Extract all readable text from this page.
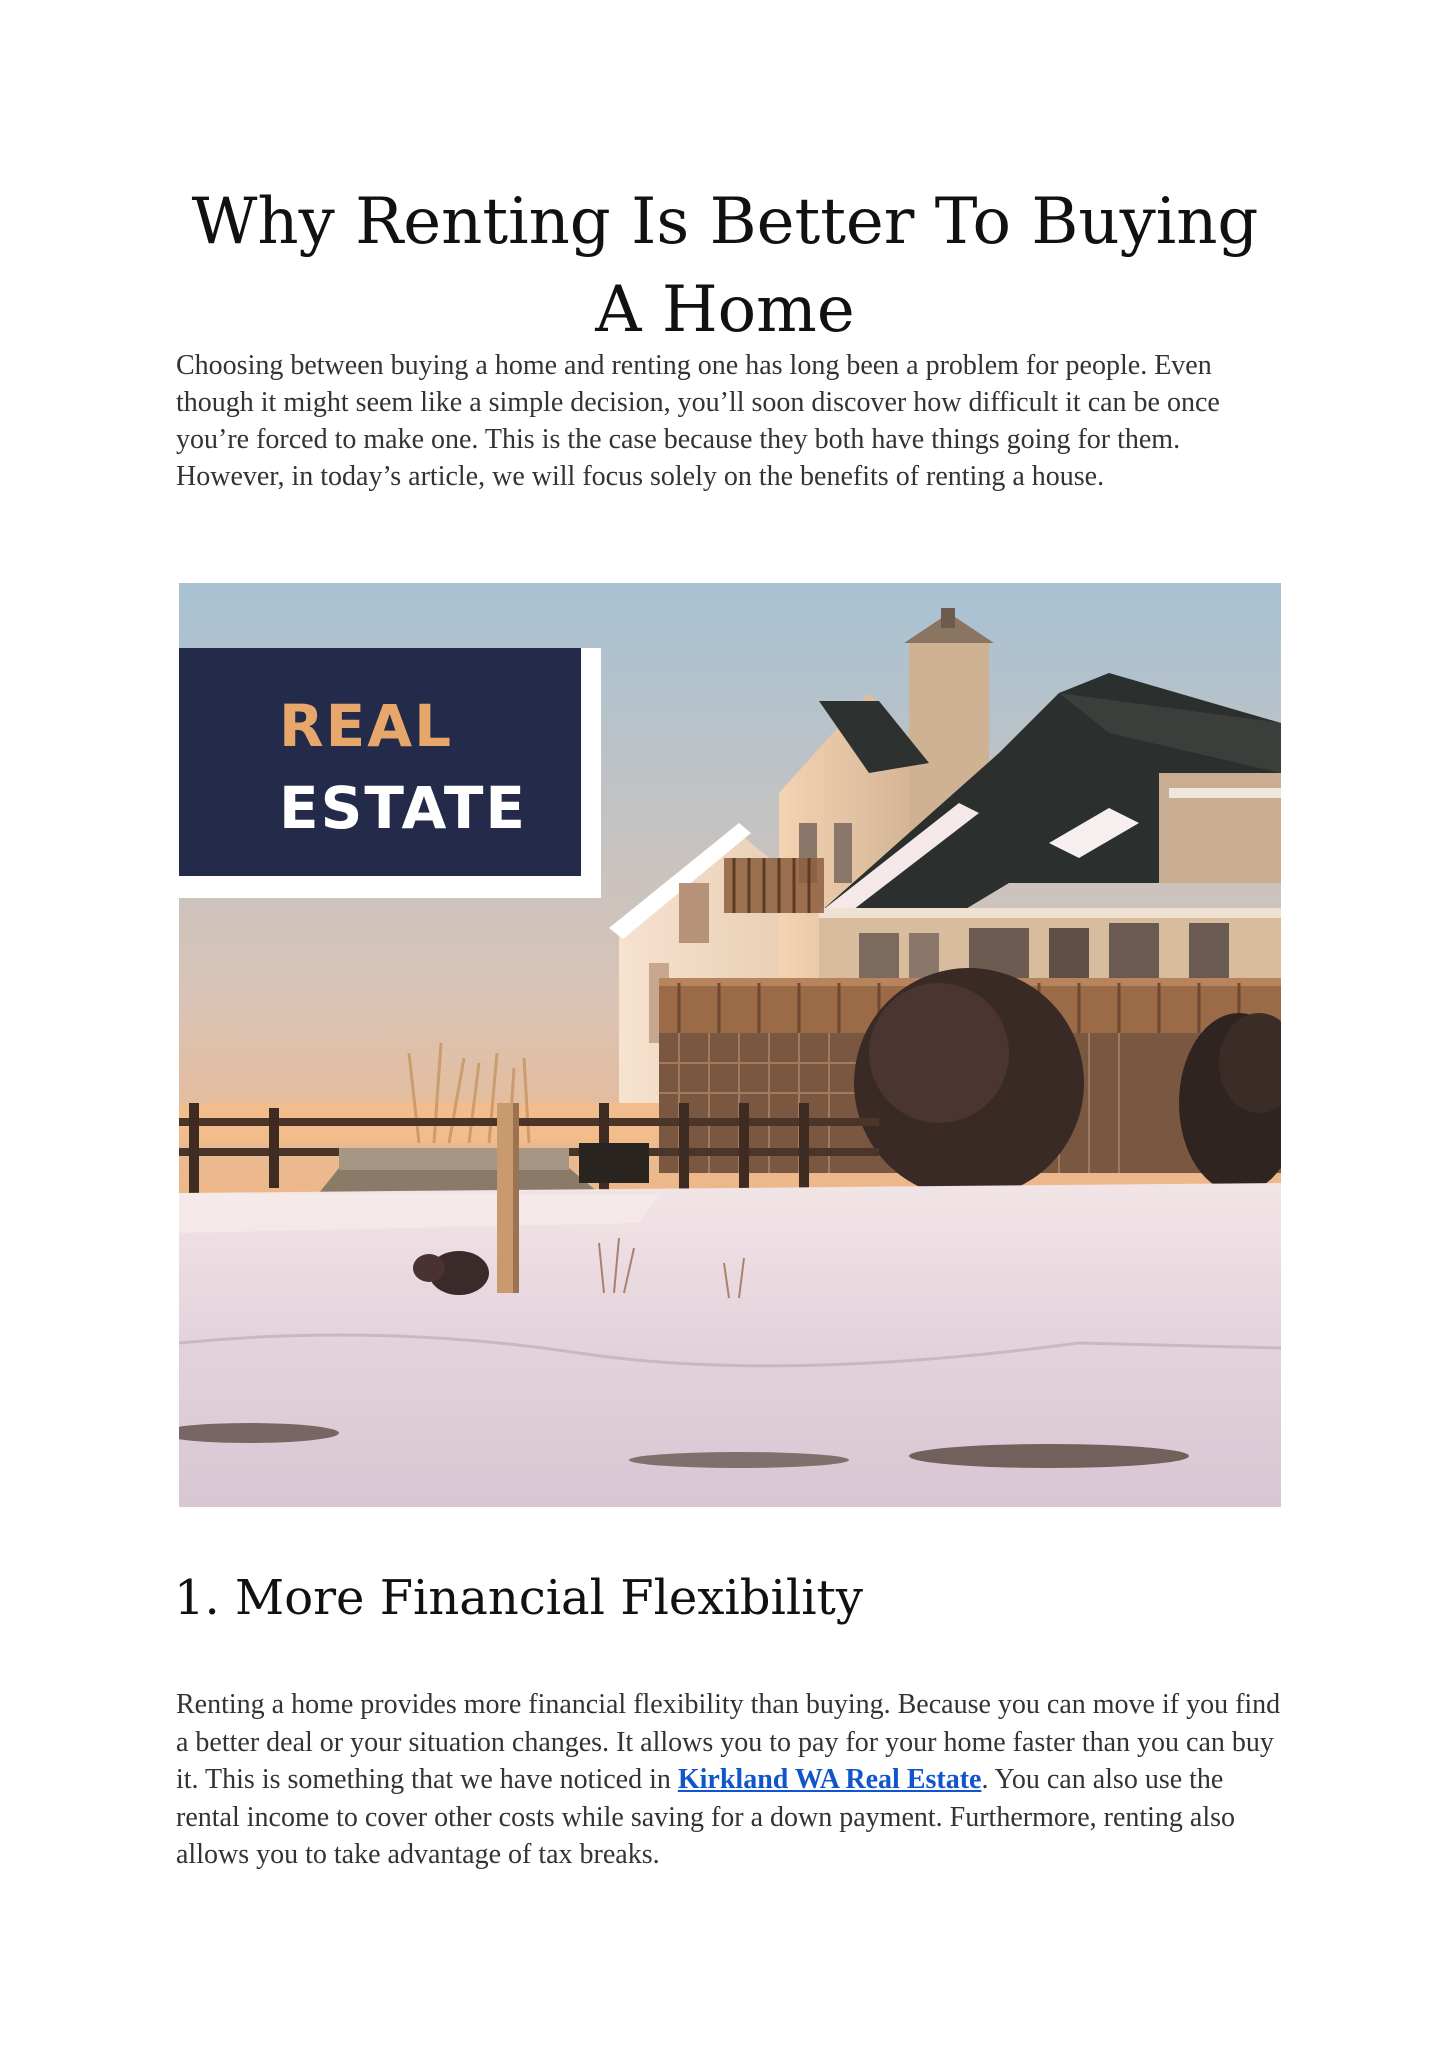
Why Renting Is Better To Buying A Home

Choosing between buying a home and renting one has long been a problem for people. Even though it might seem like a simple decision, you’ll soon discover how difficult it can be once you’re forced to make one. This is the case because they both have things going for them. However, in today’s article, we will focus solely on the benefits of renting a house.

REAL
ESTATE
1. More Financial Flexibility

Renting a home provides more financial flexibility than buying. Because you can move if you find a better deal or your situation changes. It allows you to pay for your home faster than you can buy it. This is something that we have noticed in Kirkland WA Real Estate. You can also use the rental income to cover other costs while saving for a down payment. Furthermore, renting also allows you to take advantage of tax breaks.
